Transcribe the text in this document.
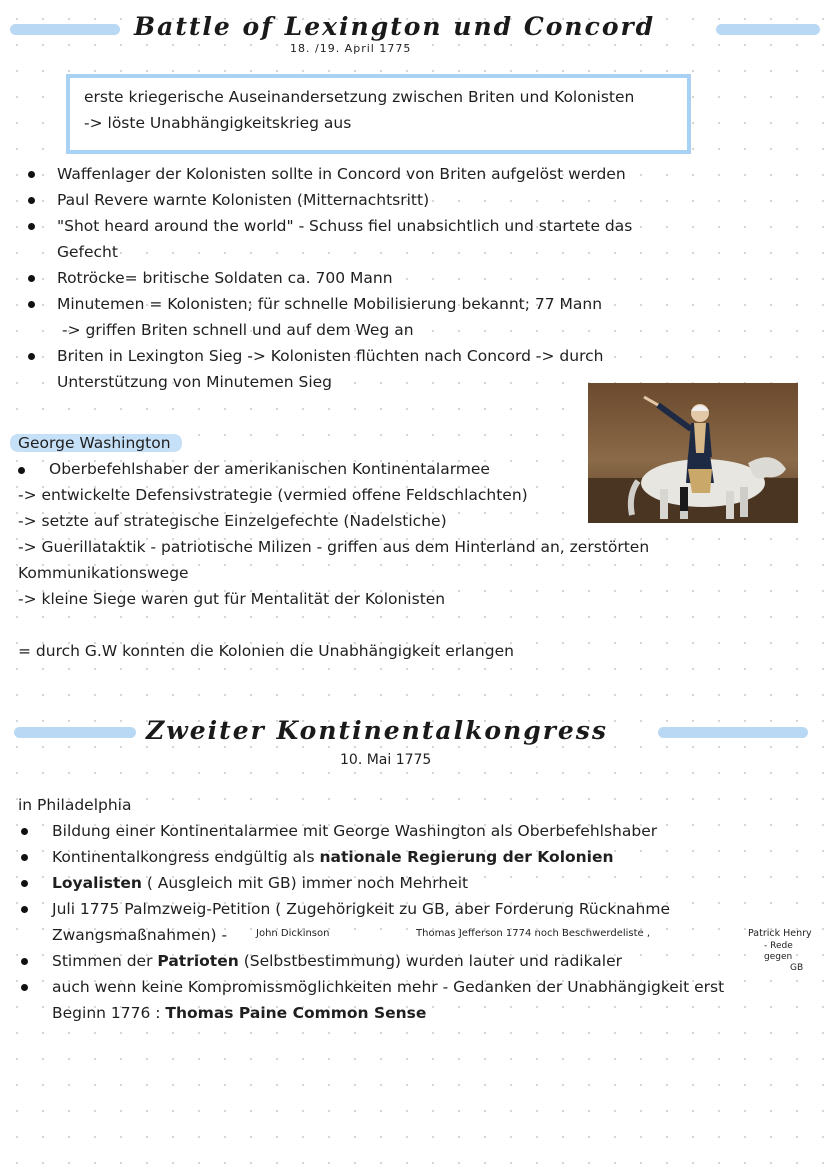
Battle of Lexington und Concord
18. /19. April 1775
erste kriegerische Auseinandersetzung zwischen Briten und Kolonisten
-> löste Unabhängigkeitskrieg aus
Waffenlager der Kolonisten sollte in Concord von Briten aufgelöst werden
Paul Revere warnte Kolonisten (Mitternachtsritt)
"Shot heard around the world" - Schuss fiel unabsichtlich und startete das
Gefecht
Rotröcke= britische Soldaten ca. 700 Mann
Minutemen = Kolonisten; für schnelle Mobilisierung bekannt; 77 Mann
-> griffen Briten schnell und auf dem Weg an
Briten in Lexington Sieg -> Kolonisten flüchten nach Concord -> durch
Unterstützung von Minutemen Sieg
George Washington
Oberbefehlshaber der amerikanischen Kontinentalarmee
-> entwickelte Defensivstrategie (vermied offene Feldschlachten)
-> setzte auf strategische Einzelgefechte (Nadelstiche)
-> Guerillataktik - patriotische Milizen - griffen aus dem Hinterland an, zerstörten
Kommunikationswege
-> kleine Siege waren gut für Mentalität der Kolonisten
= durch G.W konnten die Kolonien die Unabhängigkeit erlangen
Zweiter Kontinentalkongress
10. Mai 1775
in Philadelphia
Bildung einer Kontinentalarmee mit George Washington als Oberbefehlshaber
Kontinentalkongress endgültig als nationale Regierung der Kolonien
Loyalisten ( Ausgleich mit GB) immer noch Mehrheit
Juli 1775 Palmzweig-Petition ( Zugehörigkeit zu GB, aber Forderung Rücknahme
Zwangsmaßnahmen) -	John Dickinson	Thomas Jefferson 1774 noch Beschwerdeliste ,	Patrick Henry
- Rede
gegen
GB
Stimmen der Patrioten (Selbstbestimmung) wurden lauter und radikaler
auch wenn keine Kompromissmöglichkeiten mehr - Gedanken der Unabhängigkeit erst
Beginn 1776 : Thomas Paine Common Sense
